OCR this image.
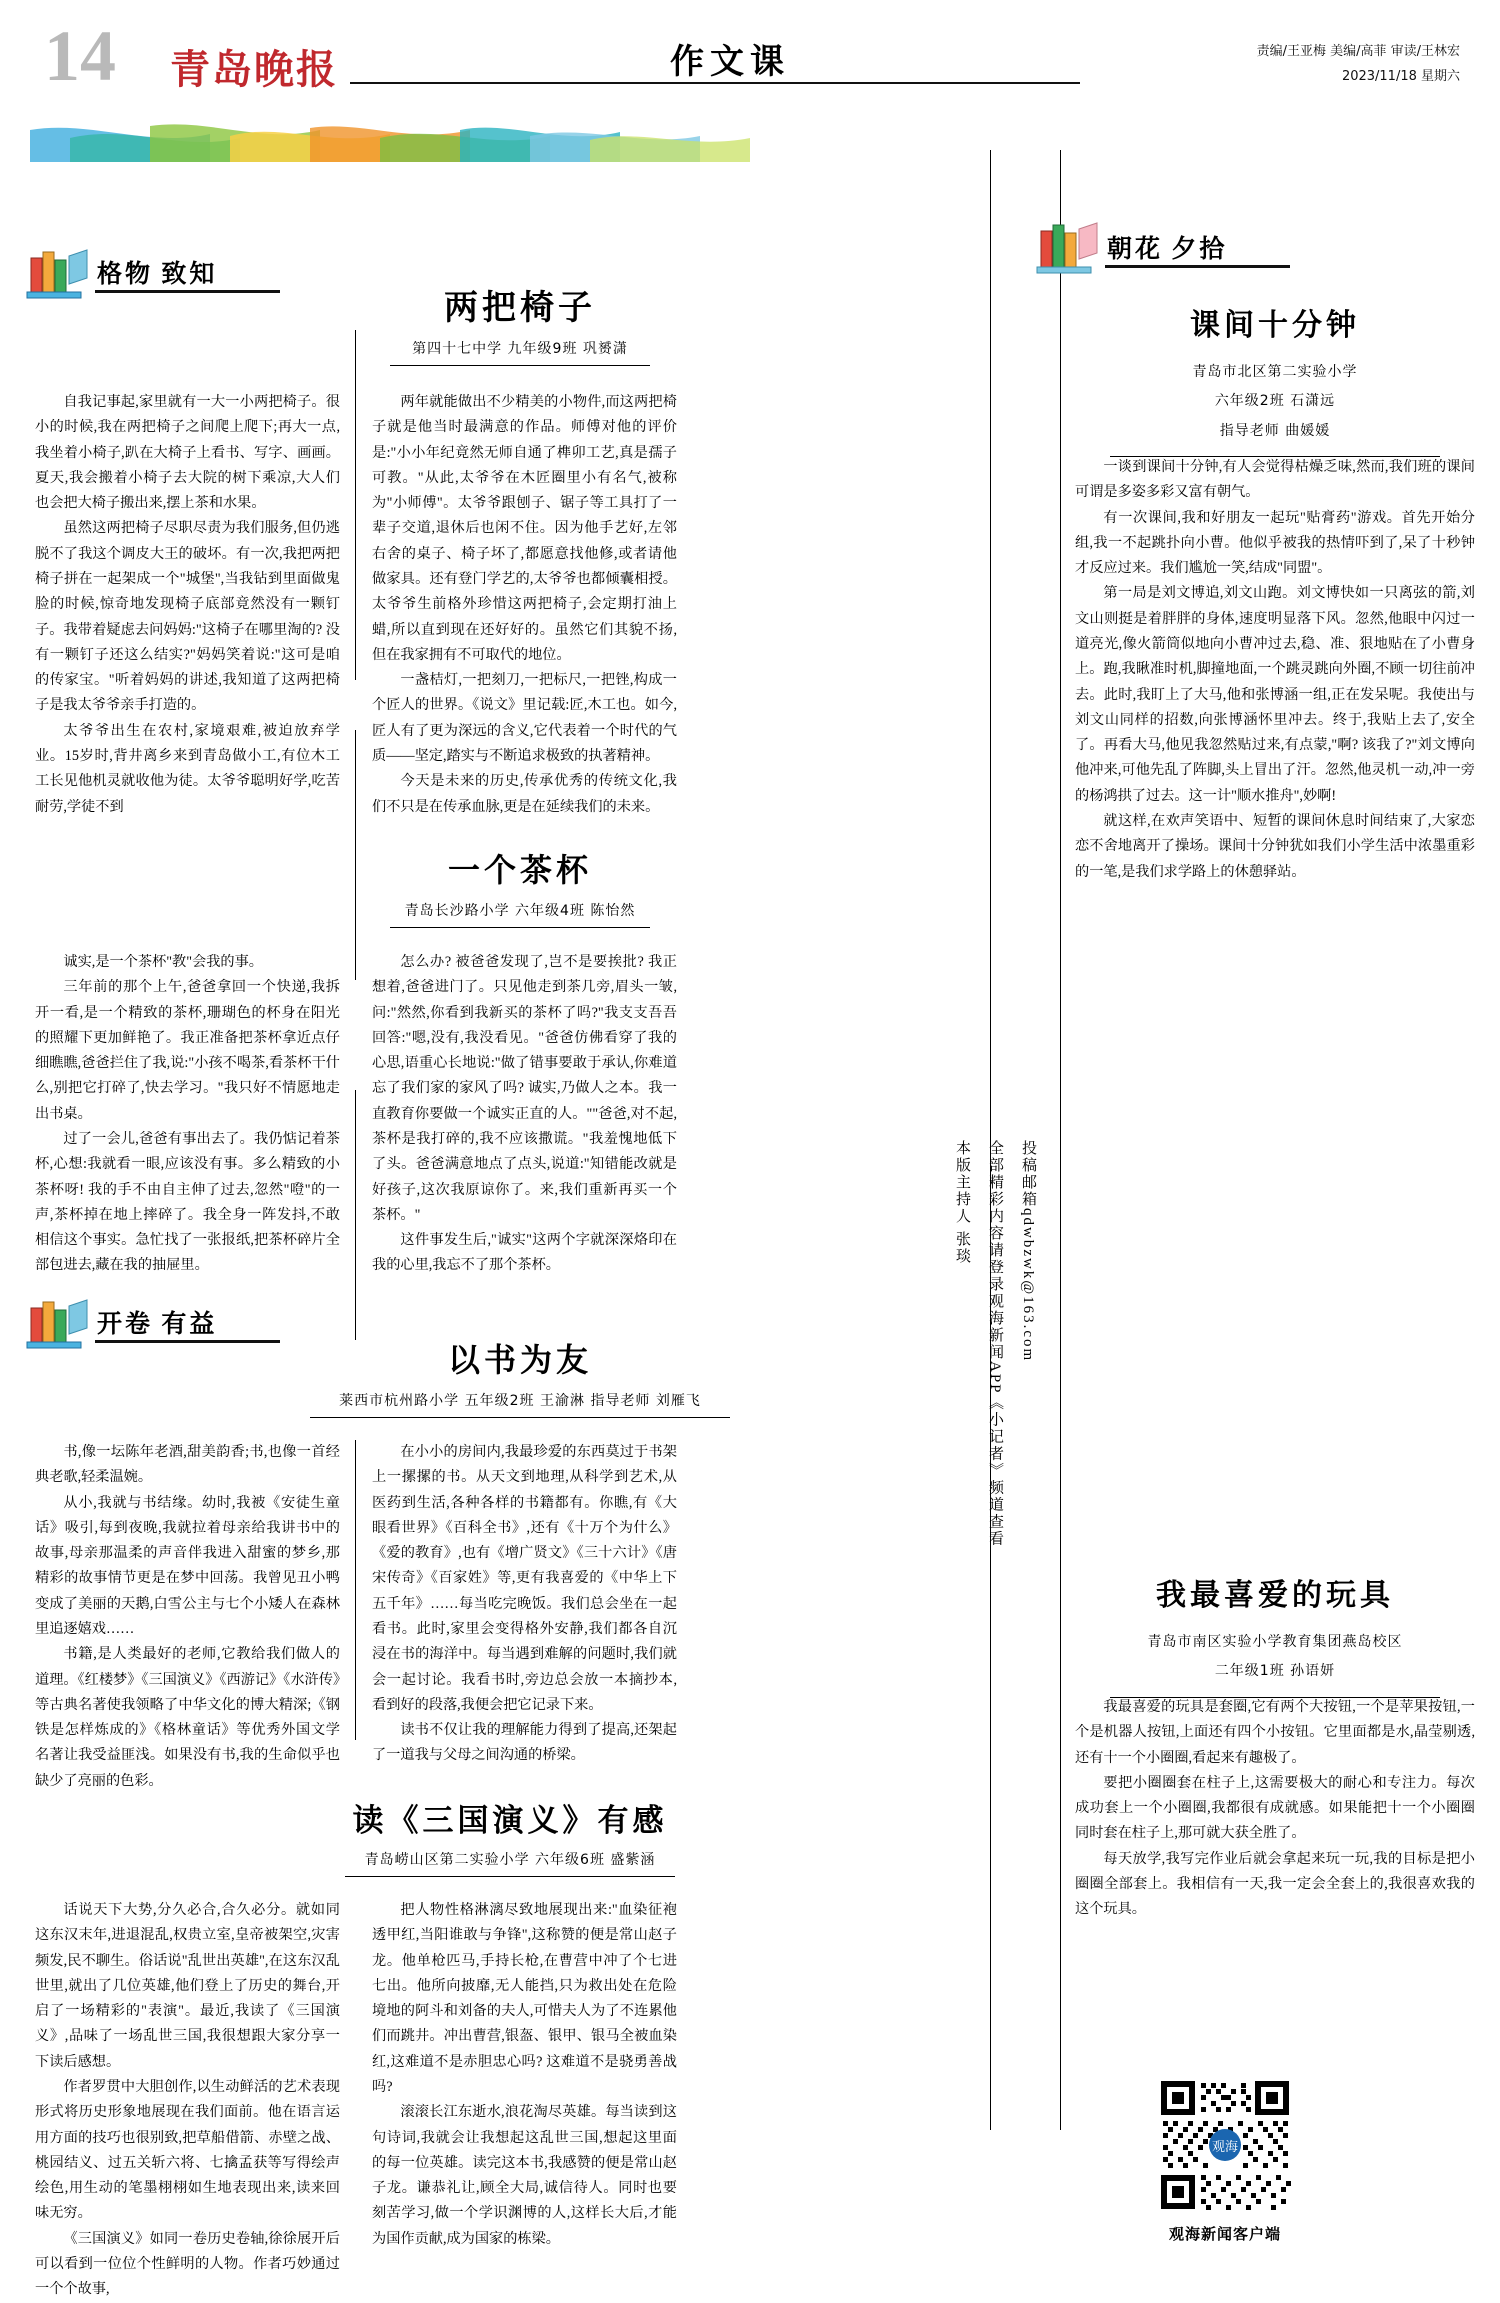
14 青岛晚报	作文课	责编/王亚梅 美编/高菲 审读/王林宏
2023/11/18 星期六
格物  致知
两把椅子
第四十七中学 九年级9班 巩赟潇

自我记事起,家里就有一大一小两把椅子。很小的时候,我在两把椅子之间爬上爬下;再大一点,我坐着小椅子,趴在大椅子上看书、写字、画画。夏天,我会搬着小椅子去大院的树下乘凉,大人们也会把大椅子搬出来,摆上茶和水果。

虽然这两把椅子尽职尽责为我们服务,但仍逃脱不了我这个调皮大王的破坏。有一次,我把两把椅子拼在一起架成一个"城堡",当我钻到里面做鬼脸的时候,惊奇地发现椅子底部竟然没有一颗钉子。我带着疑虑去问妈妈:"这椅子在哪里淘的? 没有一颗钉子还这么结实?"妈妈笑着说:"这可是咱的传家宝。"听着妈妈的讲述,我知道了这两把椅子是我太爷爷亲手打造的。

太爷爷出生在农村,家境艰难,被迫放弃学业。15岁时,背井离乡来到青岛做小工,有位木工工长见他机灵就收他为徒。太爷爷聪明好学,吃苦耐劳,学徒不到

两年就能做出不少精美的小物件,而这两把椅子就是他当时最满意的作品。师傅对他的评价是:"小小年纪竟然无师自通了榫卯工艺,真是孺子可教。"从此,太爷爷在木匠圈里小有名气,被称为"小师傅"。太爷爷跟刨子、锯子等工具打了一辈子交道,退休后也闲不住。因为他手艺好,左邻右舍的桌子、椅子坏了,都愿意找他修,或者请他做家具。还有登门学艺的,太爷爷也都倾囊相授。太爷爷生前格外珍惜这两把椅子,会定期打油上蜡,所以直到现在还好好的。虽然它们其貌不扬,但在我家拥有不可取代的地位。

一盏桔灯,一把刻刀,一把标尺,一把锉,构成一个匠人的世界。《说文》里记载:匠,木工也。如今,匠人有了更为深远的含义,它代表着一个时代的气质——坚定,踏实与不断追求极致的执著精神。

今天是未来的历史,传承优秀的传统文化,我们不只是在传承血脉,更是在延续我们的未来。

一个茶杯
青岛长沙路小学 六年级4班 陈怡然

诚实,是一个茶杯"教"会我的事。

三年前的那个上午,爸爸拿回一个快递,我拆开一看,是一个精致的茶杯,珊瑚色的杯身在阳光的照耀下更加鲜艳了。我正准备把茶杯拿近点仔细瞧瞧,爸爸拦住了我,说:"小孩不喝茶,看茶杯干什么,别把它打碎了,快去学习。"我只好不情愿地走出书桌。

过了一会儿,爸爸有事出去了。我仍惦记着茶杯,心想:我就看一眼,应该没有事。多么精致的小茶杯呀! 我的手不由自主伸了过去,忽然"噔"的一声,茶杯掉在地上摔碎了。我全身一阵发抖,不敢相信这个事实。急忙找了一张报纸,把茶杯碎片全部包进去,藏在我的抽屉里。

怎么办? 被爸爸发现了,岂不是要挨批? 我正想着,爸爸进门了。只见他走到茶几旁,眉头一皱,问:"然然,你看到我新买的茶杯了吗?"我支支吾吾回答:"嗯,没有,我没看见。"爸爸仿佛看穿了我的心思,语重心长地说:"做了错事要敢于承认,你难道忘了我们家的家风了吗? 诚实,乃做人之本。我一直教育你要做一个诚实正直的人。""爸爸,对不起,茶杯是我打碎的,我不应该撒谎。"我羞愧地低下了头。爸爸满意地点了点头,说道:"知错能改就是好孩子,这次我原谅你了。来,我们重新再买一个茶杯。"

这件事发生后,"诚实"这两个字就深深烙印在我的心里,我忘不了那个茶杯。

开卷  有益
以书为友
莱西市杭州路小学 五年级2班 王渝淋 指导老师 刘雁飞

书,像一坛陈年老酒,甜美韵香;书,也像一首经典老歌,轻柔温婉。

从小,我就与书结缘。幼时,我被《安徒生童话》吸引,每到夜晚,我就拉着母亲给我讲书中的故事,母亲那温柔的声音伴我进入甜蜜的梦乡,那精彩的故事情节更是在梦中回荡。我曾见丑小鸭变成了美丽的天鹅,白雪公主与七个小矮人在森林里追逐嬉戏……

书籍,是人类最好的老师,它教给我们做人的道理。《红楼梦》《三国演义》《西游记》《水浒传》等古典名著使我领略了中华文化的博大精深;《钢铁是怎样炼成的》《格林童话》等优秀外国文学名著让我受益匪浅。如果没有书,我的生命似乎也缺少了亮丽的色彩。

在小小的房间内,我最珍爱的东西莫过于书架上一摞摞的书。从天文到地理,从科学到艺术,从医药到生活,各种各样的书籍都有。你瞧,有《大眼看世界》《百科全书》,还有《十万个为什么》《爱的教育》,也有《增广贤文》《三十六计》《唐宋传奇》《百家姓》等,更有我喜爱的《中华上下五千年》……每当吃完晚饭。我们总会坐在一起看书。此时,家里会变得格外安静,我们都各自沉浸在书的海洋中。每当遇到难解的问题时,我们就会一起讨论。我看书时,旁边总会放一本摘抄本,看到好的段落,我便会把它记录下来。

读书不仅让我的理解能力得到了提高,还架起了一道我与父母之间沟通的桥梁。

读《三国演义》有感
青岛崂山区第二实验小学 六年级6班 盛紫涵

话说天下大势,分久必合,合久必分。就如同这东汉末年,进退混乱,权贵立室,皇帝被架空,灾害频发,民不聊生。俗话说"乱世出英雄",在这东汉乱世里,就出了几位英雄,他们登上了历史的舞台,开启了一场精彩的"表演"。最近,我读了《三国演义》,品味了一场乱世三国,我很想跟大家分享一下读后感想。

作者罗贯中大胆创作,以生动鲜活的艺术表现形式将历史形象地展现在我们面前。他在语言运用方面的技巧也很别致,把草船借箭、赤壁之战、桃园结义、过五关斩六将、七擒孟获等写得绘声绘色,用生动的笔墨栩栩如生地表现出来,读来回味无穷。

《三国演义》如同一卷历史卷轴,徐徐展开后可以看到一位位个性鲜明的人物。作者巧妙通过一个个故事,

把人物性格淋漓尽致地展现出来:"血染征袍透甲红,当阳谁敢与争锋",这称赞的便是常山赵子龙。他单枪匹马,手持长枪,在曹营中冲了个七进七出。他所向披靡,无人能挡,只为救出处在危险境地的阿斗和刘备的夫人,可惜夫人为了不连累他们而跳井。冲出曹营,银盔、银甲、银马全被血染红,这难道不是赤胆忠心吗? 这难道不是骁勇善战吗?

滚滚长江东逝水,浪花淘尽英雄。每当读到这句诗词,我就会让我想起这乱世三国,想起这里面的每一位英雄。读完这本书,我感赞的便是常山赵子龙。谦恭礼让,顾全大局,诚信待人。同时也要刻苦学习,做一个学识渊博的人,这样长大后,才能为国作贡献,成为国家的栋梁。

投稿邮箱qdwbzwk@163.com
全部精彩内容请登录观海新闻APP《小记者》频道查看
本版主持人 张琰
朝花  夕拾
课间十分钟
青岛市北区第二实验小学
六年级2班 石潇远
指导老师 曲媛媛

一谈到课间十分钟,有人会觉得枯燥乏味,然而,我们班的课间可谓是多姿多彩又富有朝气。

有一次课间,我和好朋友一起玩"贴膏药"游戏。首先开始分组,我一不起跳扑向小曹。他似乎被我的热情吓到了,呆了十秒钟才反应过来。我们尴尬一笑,结成"同盟"。

第一局是刘文博追,刘文山跑。刘文博快如一只离弦的箭,刘文山则挺是着胖胖的身体,速度明显落下风。忽然,他眼中闪过一道亮光,像火箭筒似地向小曹冲过去,稳、准、狠地贴在了小曹身上。跑,我瞅准时机,脚撞地面,一个跳灵跳向外圈,不顾一切往前冲去。此时,我盯上了大马,他和张博涵一组,正在发呆呢。我使出与刘文山同样的招数,向张博涵怀里冲去。终于,我贴上去了,安全了。再看大马,他见我忽然贴过来,有点蒙,"啊? 该我了?"刘文博向他冲来,可他先乱了阵脚,头上冒出了汗。忽然,他灵机一动,冲一旁的杨鸿拱了过去。这一计"顺水推舟",妙啊!

就这样,在欢声笑语中、短暂的课间休息时间结束了,大家恋恋不舍地离开了操场。课间十分钟犹如我们小学生活中浓墨重彩的一笔,是我们求学路上的休憩驿站。

我最喜爱的玩具
青岛市南区实验小学教育集团燕岛校区
二年级1班 孙语妍

我最喜爱的玩具是套圈,它有两个大按钮,一个是苹果按钮,一个是机器人按钮,上面还有四个小按钮。它里面都是水,晶莹剔透,还有十一个小圈圈,看起来有趣极了。

要把小圈圈套在柱子上,这需要极大的耐心和专注力。每次成功套上一个小圈圈,我都很有成就感。如果能把十一个小圈圈同时套在柱子上,那可就大获全胜了。

每天放学,我写完作业后就会拿起来玩一玩,我的目标是把小圈圈全部套上。我相信有一天,我一定会全套上的,我很喜欢我的这个玩具。

观海
观海新闻客户端
